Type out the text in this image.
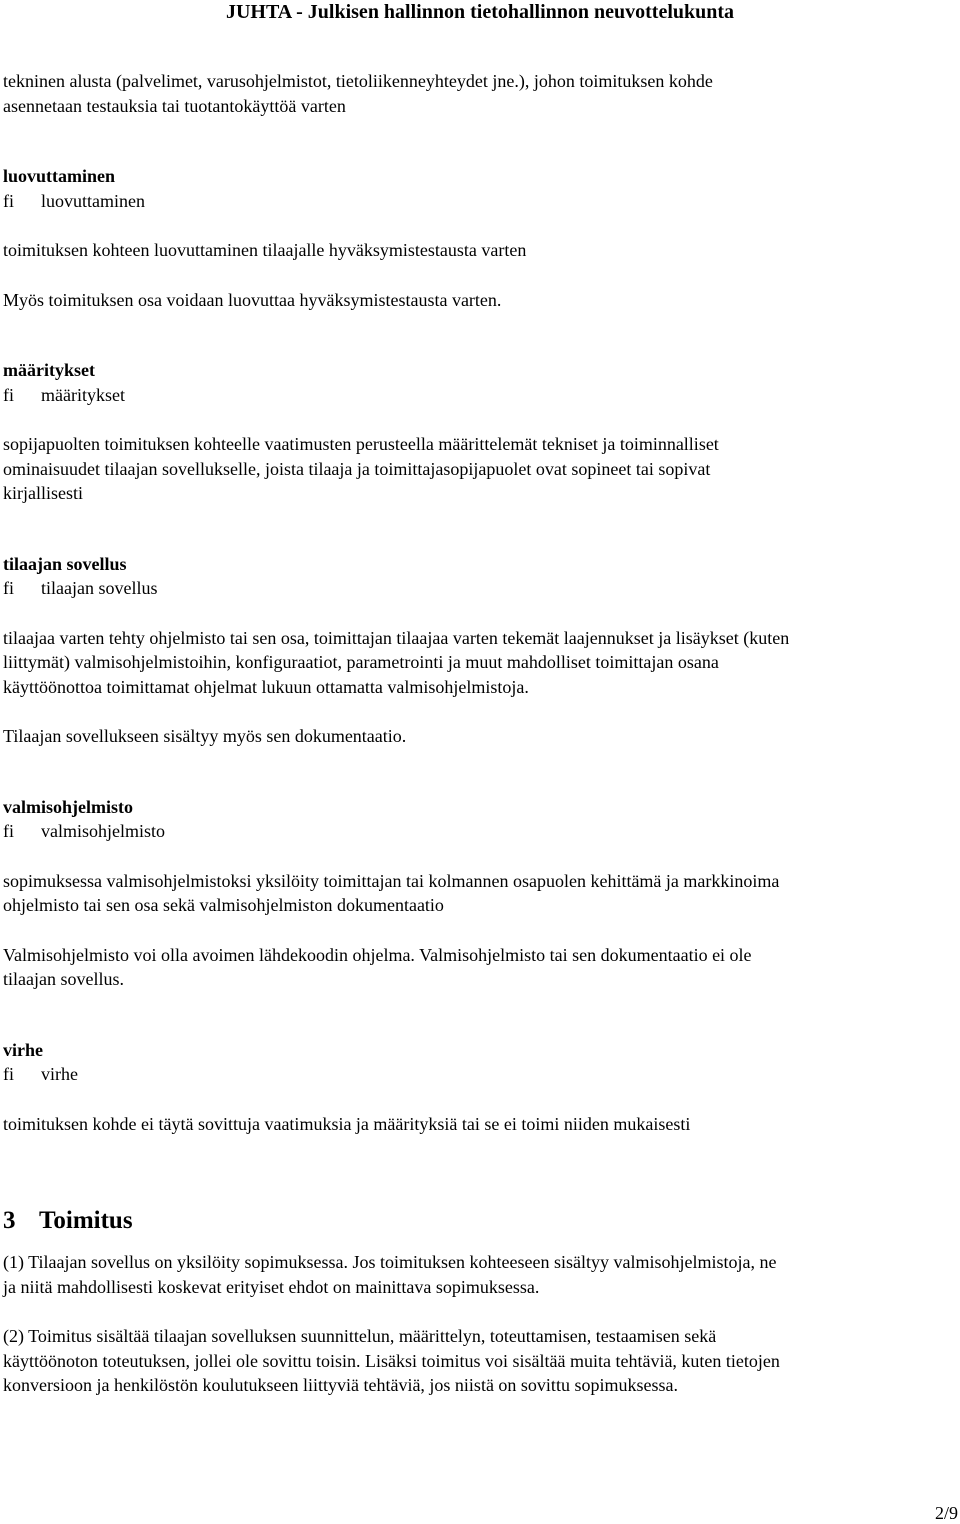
JUHTA - Julkisen hallinnon tietohallinnon neuvottelukunta
tekninen alusta (palvelimet, varusohjelmistot, tietoliikenneyhteydet jne.), johon toimituksen kohde
asennetaan testauksia tai tuotantokäyttöä varten
luovuttaminen
fi luovuttaminen
toimituksen kohteen luovuttaminen tilaajalle hyväksymistestausta varten
Myös toimituksen osa voidaan luovuttaa hyväksymistestausta varten.
määritykset
fi määritykset
sopijapuolten toimituksen kohteelle vaatimusten perusteella määrittelemät tekniset ja toiminnalliset
ominaisuudet tilaajan sovellukselle, joista tilaaja ja toimittajasopijapuolet ovat sopineet tai sopivat
kirjallisesti
tilaajan sovellus
fi tilaajan sovellus
tilaajaa varten tehty ohjelmisto tai sen osa, toimittajan tilaajaa varten tekemät laajennukset ja lisäykset (kuten
liittymät) valmisohjelmistoihin, konfiguraatiot, parametrointi ja muut mahdolliset toimittajan osana
käyttöönottoa toimittamat ohjelmat lukuun ottamatta valmisohjelmistoja.
Tilaajan sovellukseen sisältyy myös sen dokumentaatio.
valmisohjelmisto
fi valmisohjelmisto
sopimuksessa valmisohjelmistoksi yksilöity toimittajan tai kolmannen osapuolen kehittämä ja markkinoima
ohjelmisto tai sen osa sekä valmisohjelmiston dokumentaatio
Valmisohjelmisto voi olla avoimen lähdekoodin ohjelma. Valmisohjelmisto tai sen dokumentaatio ei ole
tilaajan sovellus.
virhe
fi virhe
toimituksen kohde ei täytä sovittuja vaatimuksia ja määrityksiä tai se ei toimi niiden mukaisesti
3 Toimitus
(1) Tilaajan sovellus on yksilöity sopimuksessa. Jos toimituksen kohteeseen sisältyy valmisohjelmistoja, ne
ja niitä mahdollisesti koskevat erityiset ehdot on mainittava sopimuksessa.
(2) Toimitus sisältää tilaajan sovelluksen suunnittelun, määrittelyn, toteuttamisen, testaamisen sekä
käyttöönoton toteutuksen, jollei ole sovittu toisin. Lisäksi toimitus voi sisältää muita tehtäviä, kuten tietojen
konversioon ja henkilöstön koulutukseen liittyviä tehtäviä, jos niistä on sovittu sopimuksessa.
2/9
